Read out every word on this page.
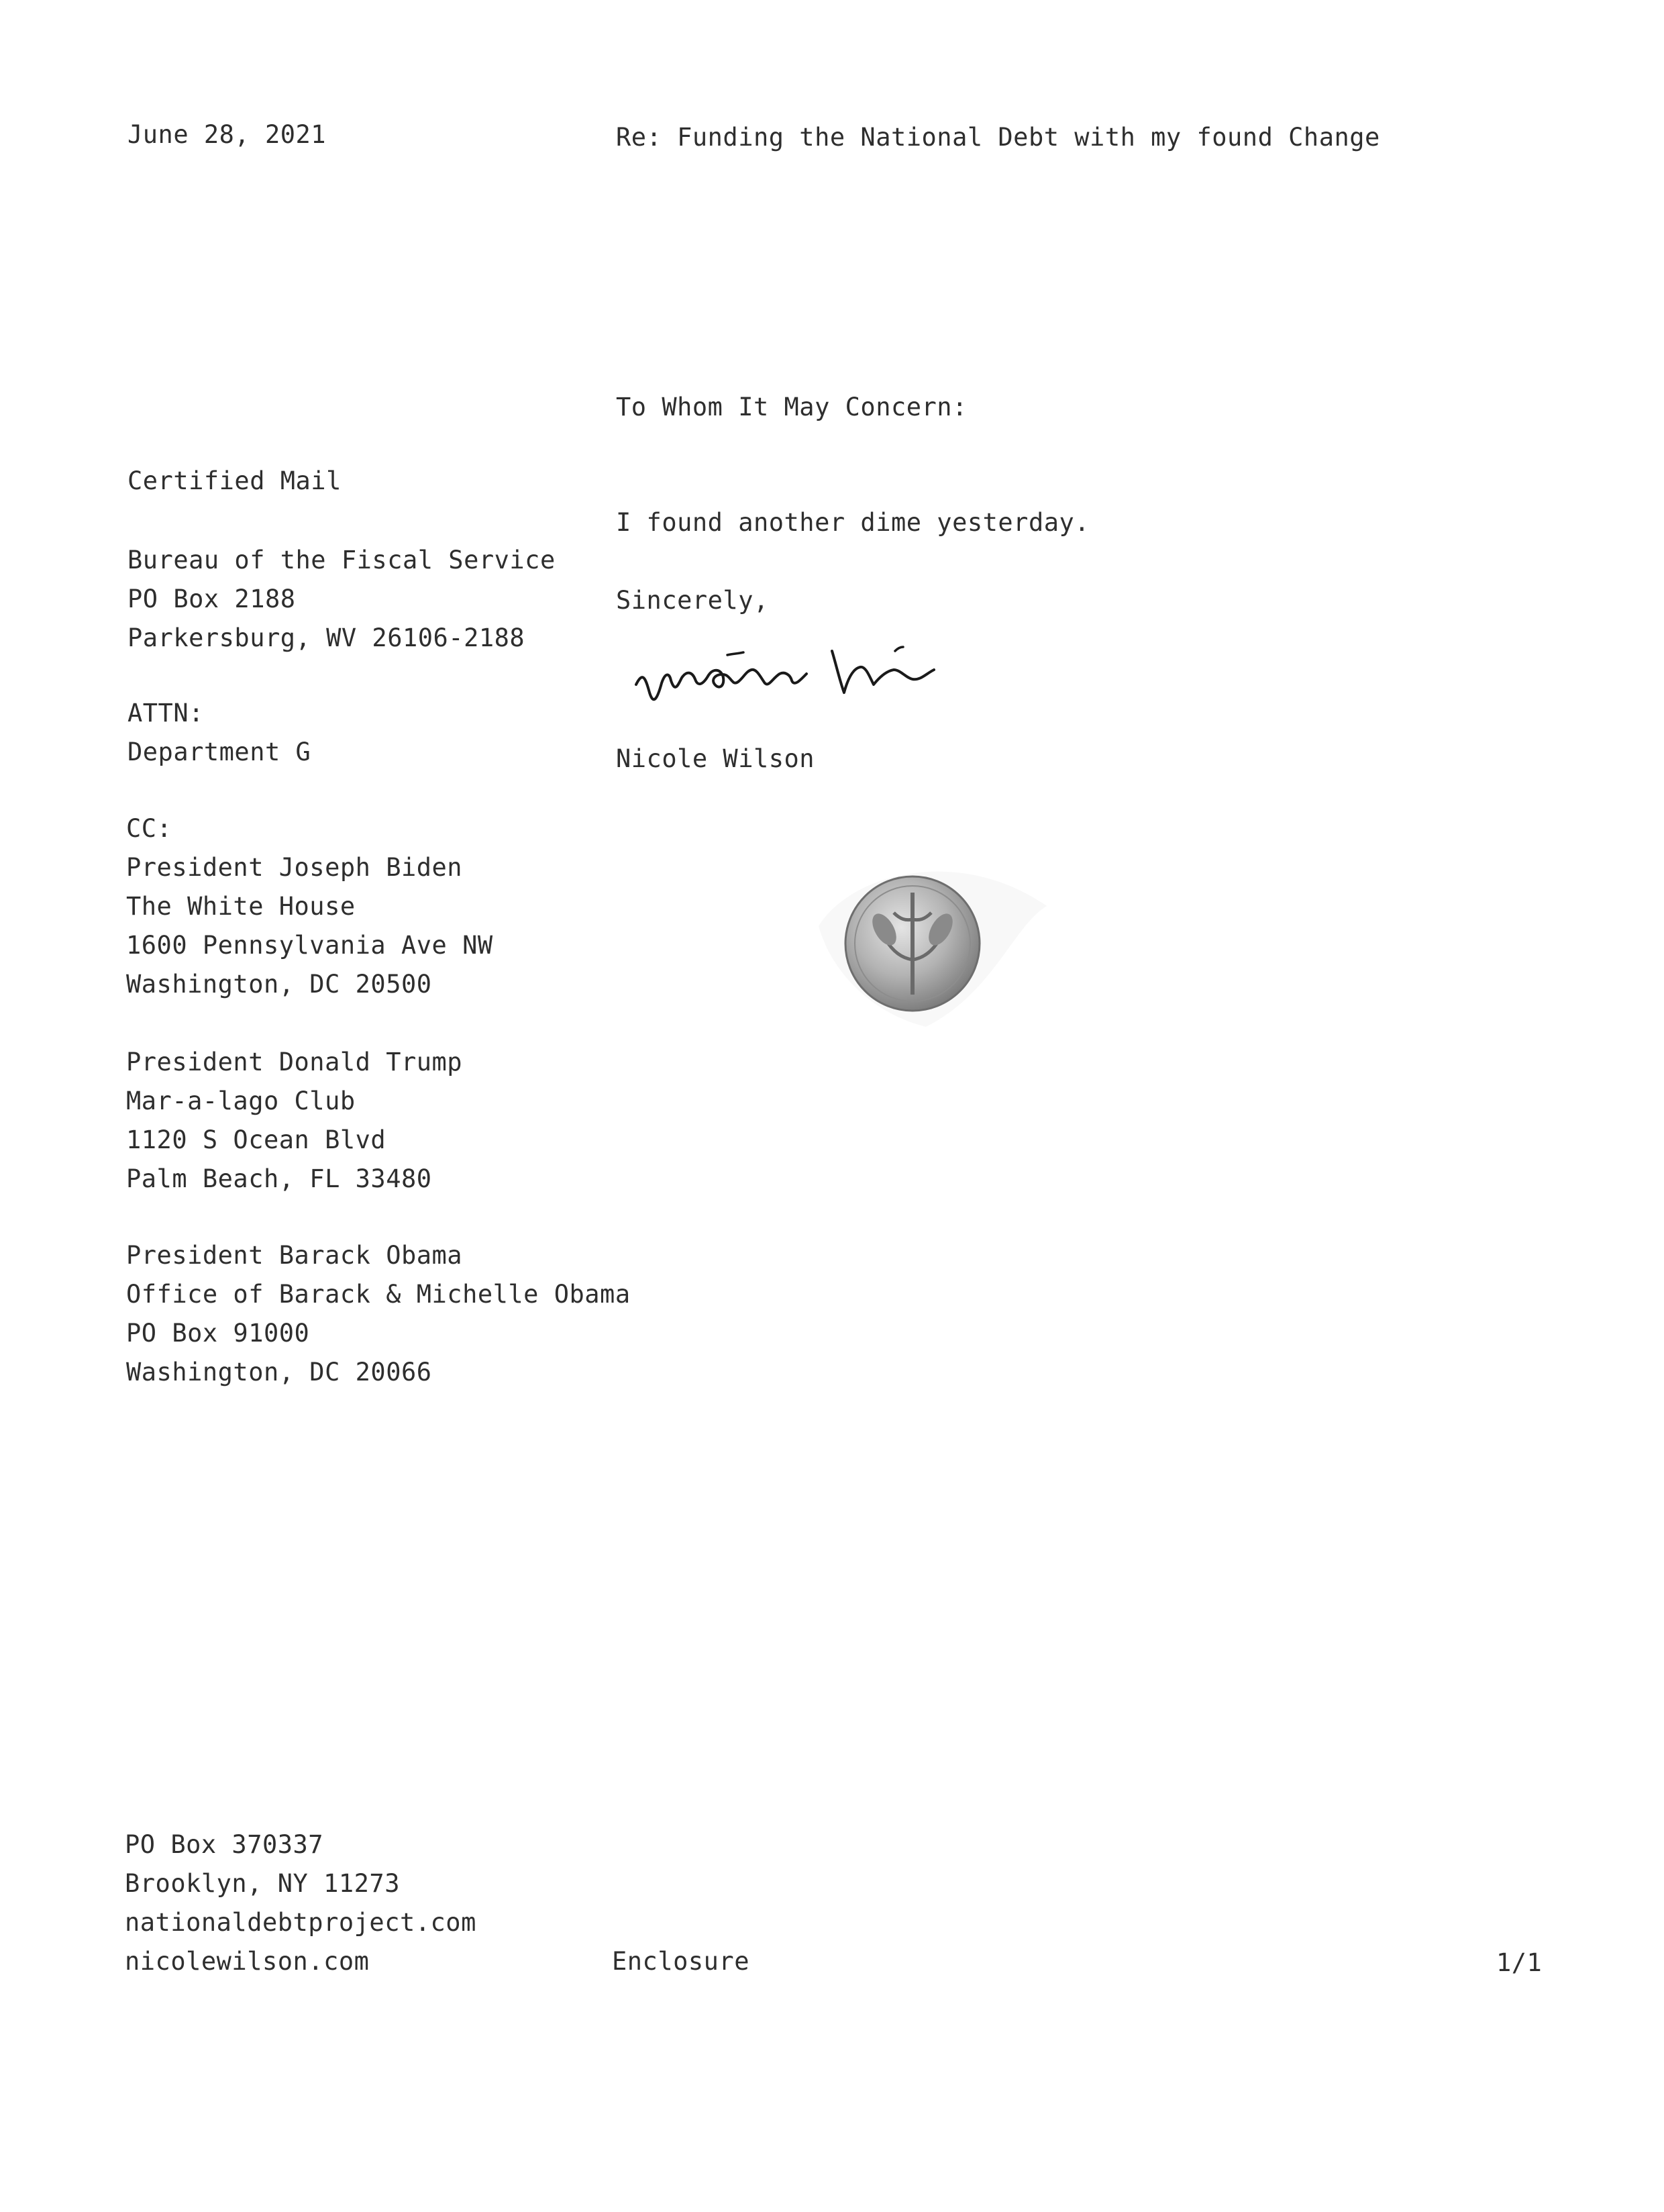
June 28, 2021	Re: Funding the National Debt with my found Change
To Whom It May Concern:
Certified Mail
Bureau of the Fiscal Service
PO Box 2188
Parkersburg, WV 26106-2188
ATTN:
Department G
CC:
President Joseph Biden
The White House
1600 Pennsylvania Ave NW
Washington, DC 20500
President Donald Trump
Mar-a-lago Club
1120 S Ocean Blvd
Palm Beach, FL 33480
President Barack Obama
Office of Barack & Michelle Obama
PO Box 91000
Washington, DC 20066
I found another dime yesterday.
Sincerely,
Nicole Wilson
PO Box 370337
Brooklyn, NY 11273
nationaldebtproject.com
nicolewilson.com	Enclosure	1/1
